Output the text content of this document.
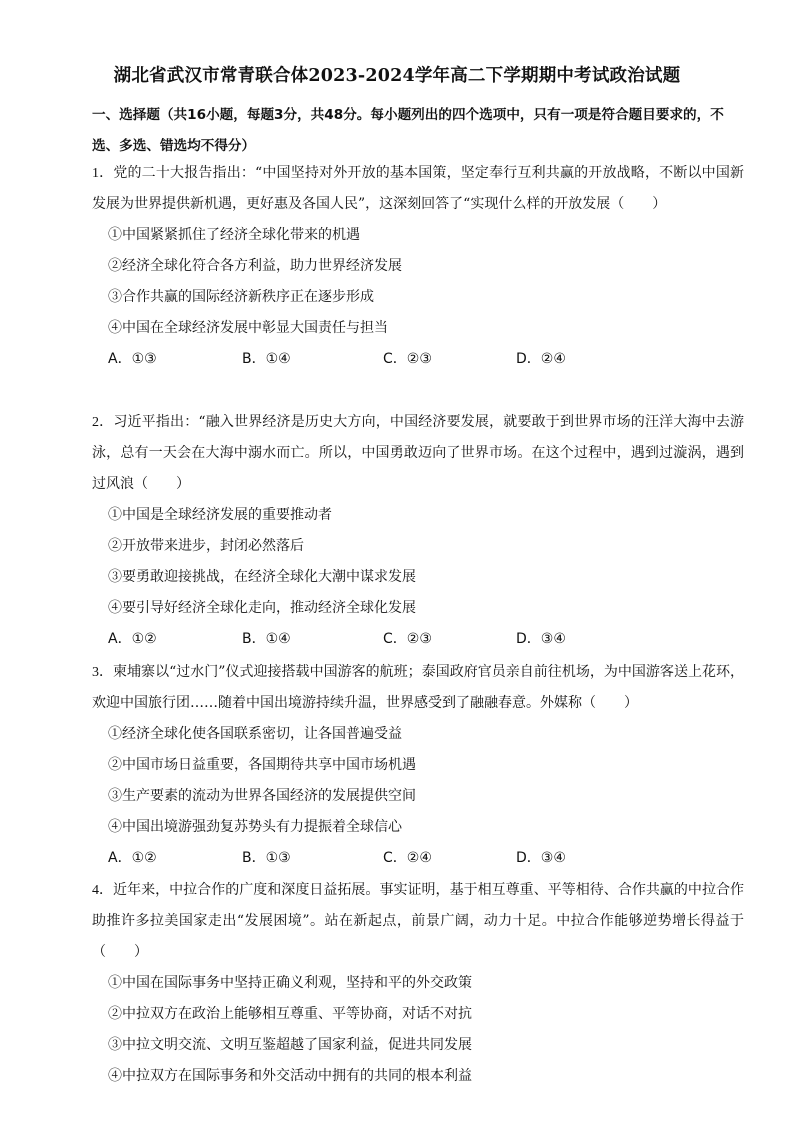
湖北省武汉市常青联合体2023-2024学年高二下学期期中考试政治试题
一、选择题（共16小题，每题3分，共48分。每小题列出的四个选项中，只有一项是符合题目要求的，不选、多选、错选均不得分）
1．党的二十大报告指出：“中国坚持对外开放的基本国策，坚定奉行互利共赢的开放战略，不断以中国新发展为世界提供新机遇，更好惠及各国人民”，这深刻回答了“实现什么样的开放发展（　　）
①中国紧紧抓住了经济全球化带来的机遇
②经济全球化符合各方利益，助力世界经济发展
③合作共赢的国际经济新秩序正在逐步形成
④中国在全球经济发展中彰显大国责任与担当
A．①③	B．①④	C．②③	D．②④
2．习近平指出：“融入世界经济是历史大方向，中国经济要发展，就要敢于到世界市场的汪洋大海中去游泳，总有一天会在大海中溺水而亡。所以，中国勇敢迈向了世界市场。在这个过程中，遇到过漩涡，遇到过风浪（　　）
①中国是全球经济发展的重要推动者
②开放带来进步，封闭必然落后
③要勇敢迎接挑战，在经济全球化大潮中谋求发展
④要引导好经济全球化走向，推动经济全球化发展
A．①②	B．①④	C．②③	D．③④
3．柬埔寨以“过水门”仪式迎接搭载中国游客的航班；泰国政府官员亲自前往机场，为中国游客送上花环，欢迎中国旅行团……随着中国出境游持续升温，世界感受到了融融春意。外媒称（　　）
①经济全球化使各国联系密切，让各国普遍受益
②中国市场日益重要，各国期待共享中国市场机遇
③生产要素的流动为世界各国经济的发展提供空间
④中国出境游强劲复苏势头有力提振着全球信心
A．①②	B．①③	C．②④	D．③④
4．近年来，中拉合作的广度和深度日益拓展。事实证明，基于相互尊重、平等相待、合作共赢的中拉合作助推许多拉美国家走出“发展困境”。站在新起点，前景广阔，动力十足。中拉合作能够逆势增长得益于（　　）
①中国在国际事务中坚持正确义利观，坚持和平的外交政策
②中拉双方在政治上能够相互尊重、平等协商，对话不对抗
③中拉文明交流、文明互鉴超越了国家利益，促进共同发展
④中拉双方在国际事务和外交活动中拥有的共同的根本利益
